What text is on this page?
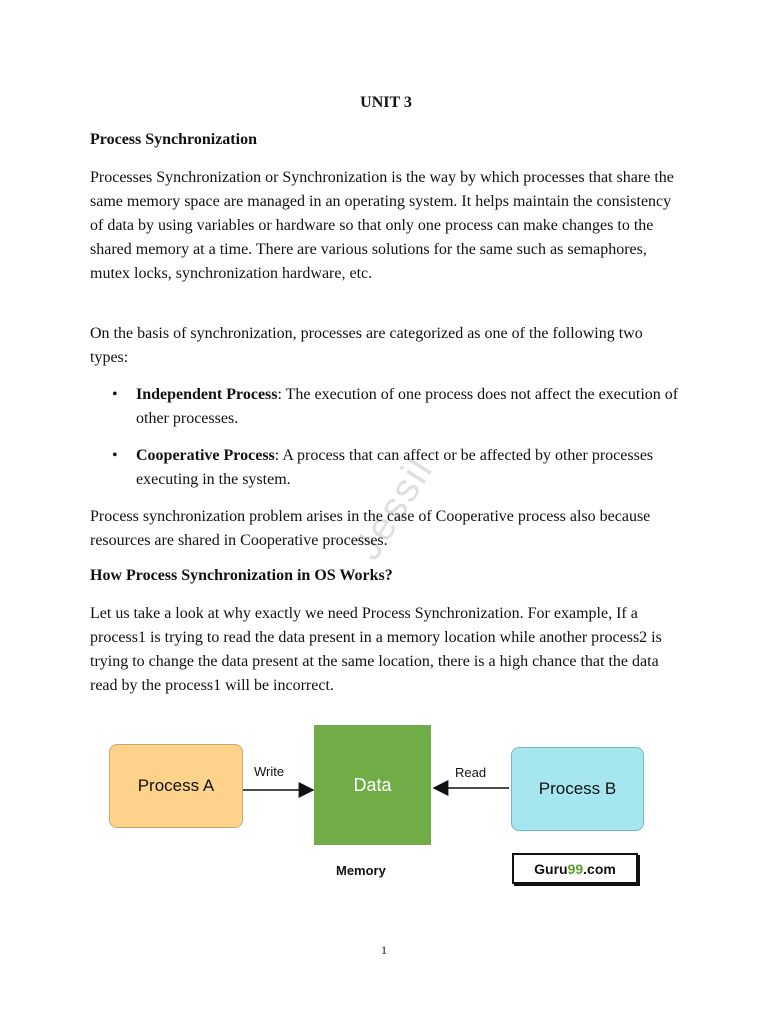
UNIT 3
Process Synchronization

Processes Synchronization or Synchronization is the way by which processes that share the same memory space are managed in an operating system. It helps maintain the consistency of data by using variables or hardware so that only one process can make changes to the shared memory at a time. There are various solutions for the same such as semaphores, mutex locks, synchronization hardware, etc.

On the basis of synchronization, processes are categorized as one of the following two types:

• Independent Process: The execution of one process does not affect the execution of other processes.
• Cooperative Process: A process that can affect or be affected by other processes executing in the system.

Process synchronization problem arises in the case of Cooperative process also because resources are shared in Cooperative processes.

How Process Synchronization in OS Works?

Let us take a look at why exactly we need Process Synchronization. For example, If a process1 is trying to read the data present in a memory location while another process2 is trying to change the data present at the same location, there is a high chance that the data read by the process1 will be incorrect.

Jessil
Process A	Data	Process B
Write	Read
Memory	Guru 99 .com
1
